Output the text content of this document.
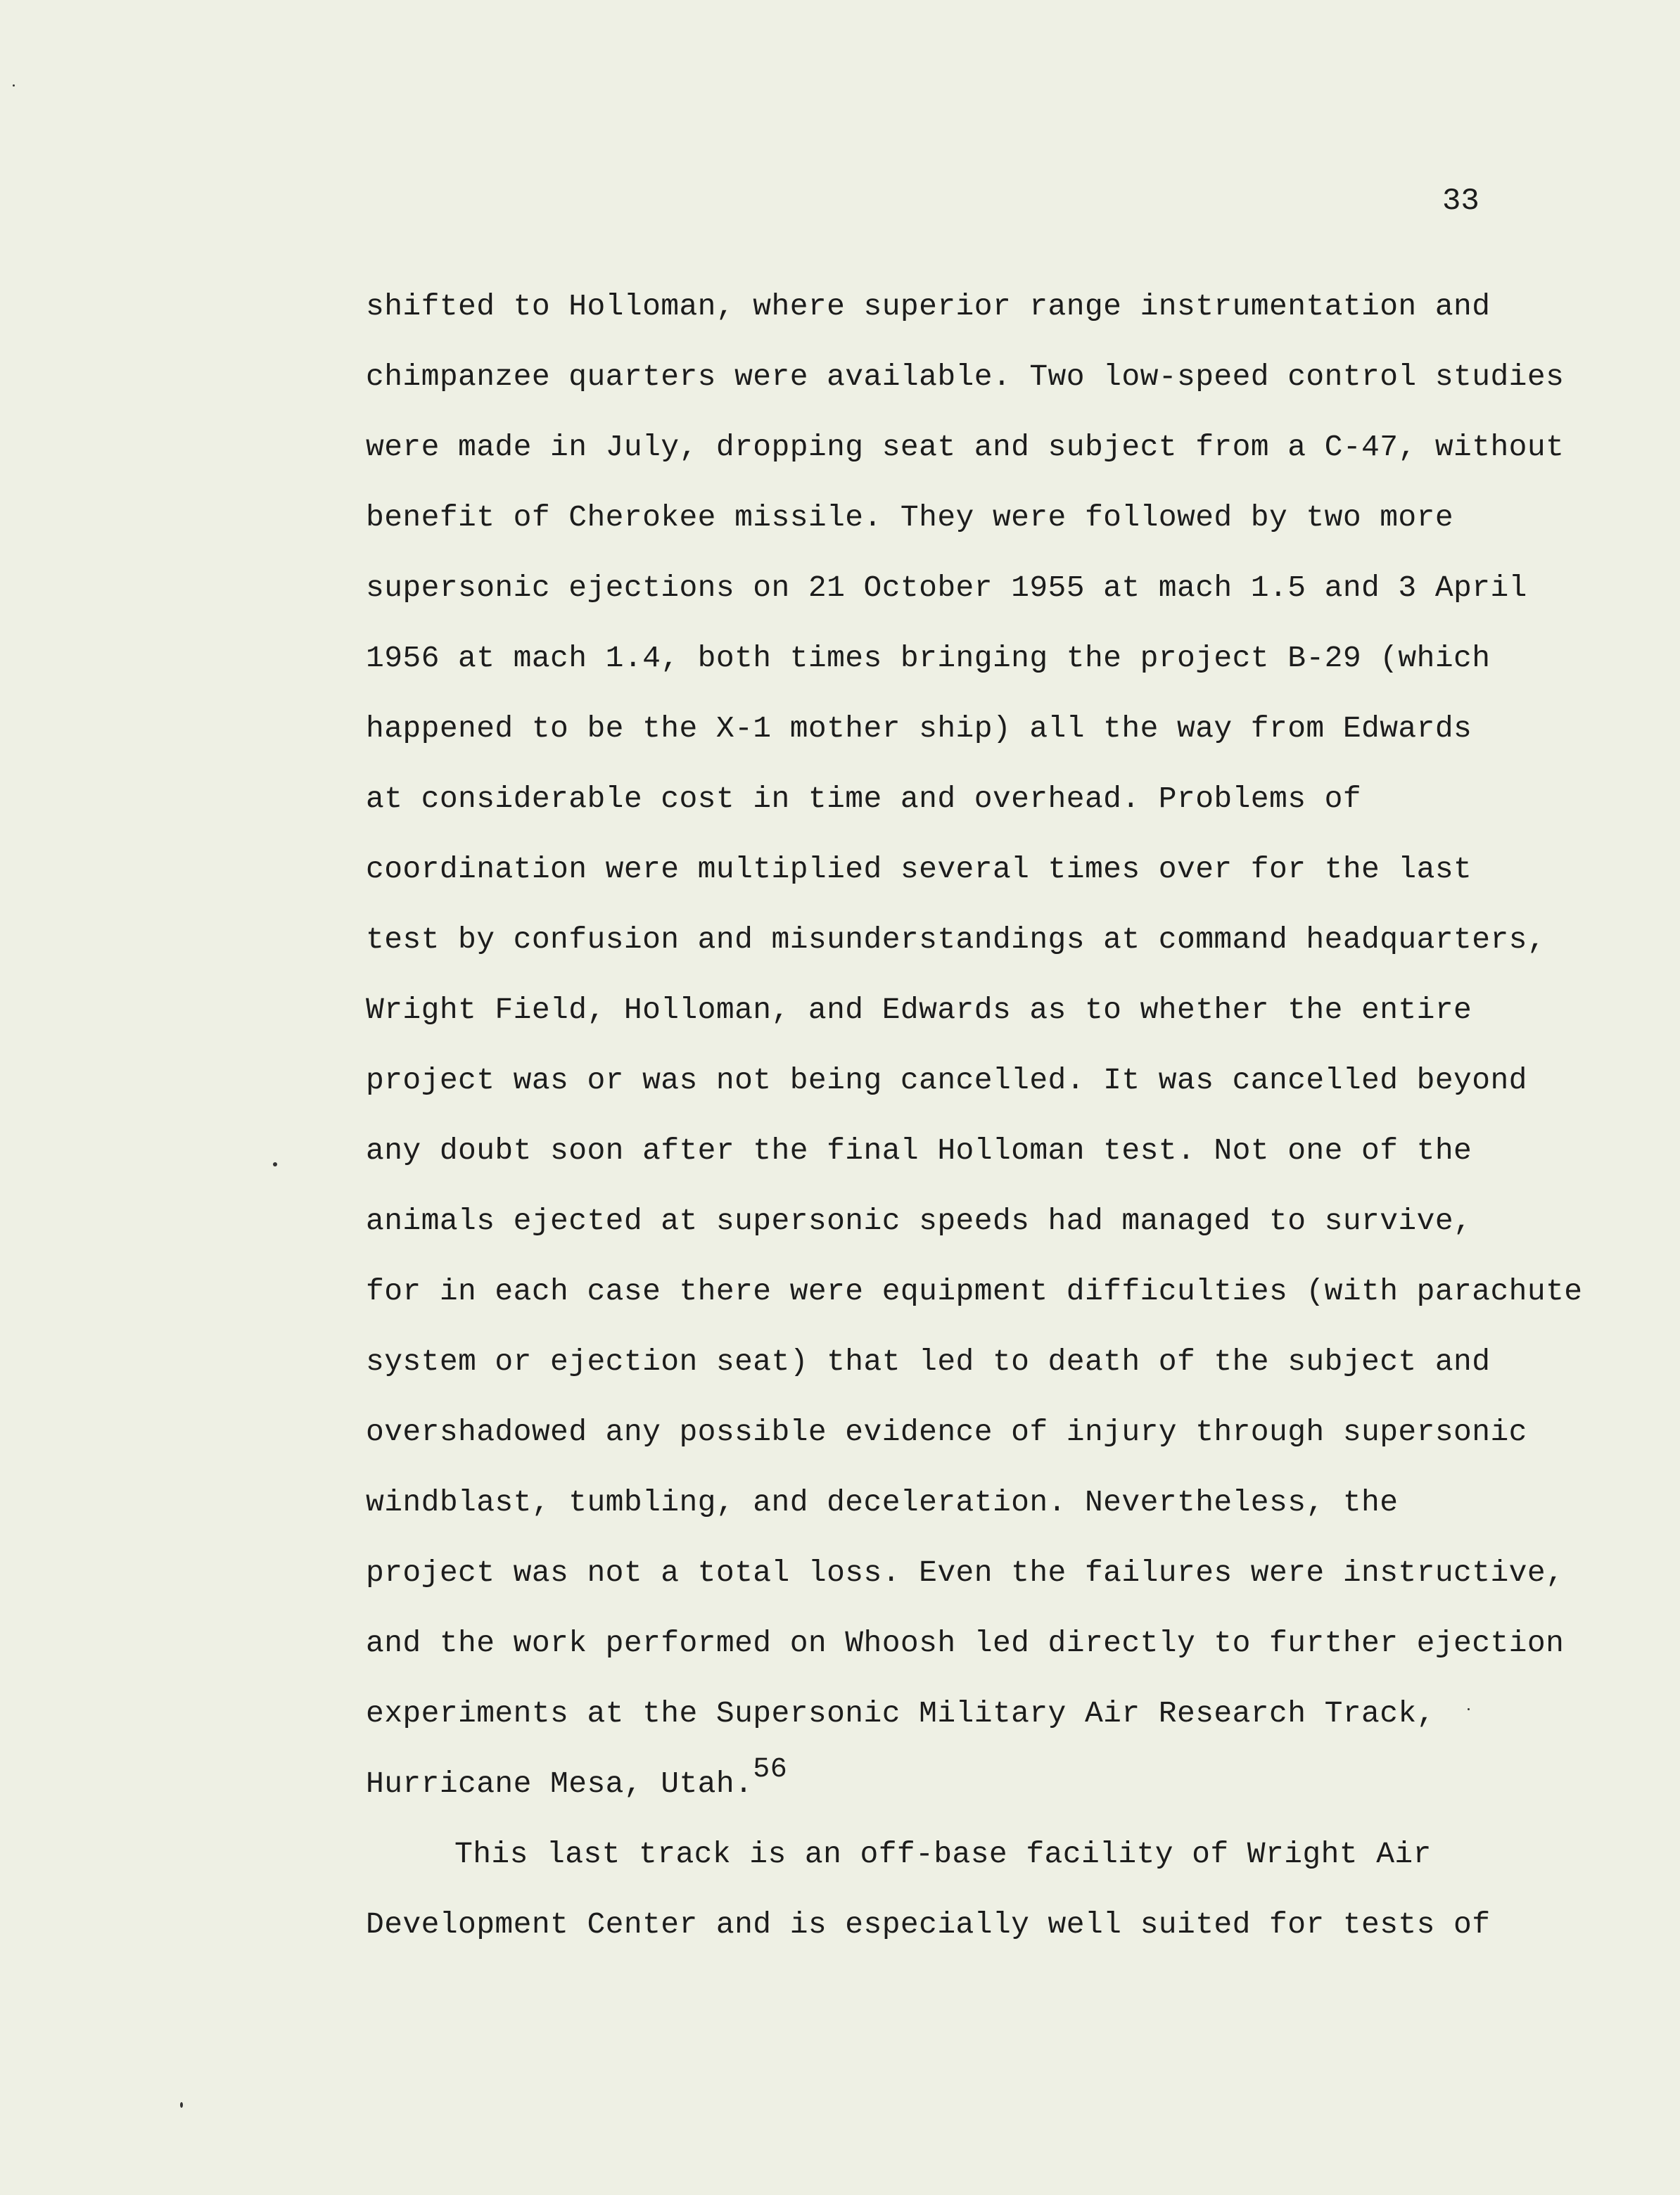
33
shifted to Holloman, where superior range instrumentation and
chimpanzee quarters were available. Two low-speed control studies
were made in July, dropping seat and subject from a C-47, without
benefit of Cherokee missile. They were followed by two more
supersonic ejections on 21 October 1955 at mach 1.5 and 3 April
1956 at mach 1.4, both times bringing the project B-29 (which
happened to be the X-1 mother ship) all the way from Edwards
at considerable cost in time and overhead. Problems of
coordination were multiplied several times over for the last
test by confusion and misunderstandings at command headquarters,
Wright Field, Holloman, and Edwards as to whether the entire
project was or was not being cancelled. It was cancelled beyond
any doubt soon after the final Holloman test. Not one of the
animals ejected at supersonic speeds had managed to survive,
for in each case there were equipment difficulties (with parachute
system or ejection seat) that led to death of the subject and
overshadowed any possible evidence of injury through supersonic
windblast, tumbling, and deceleration. Nevertheless, the
project was not a total loss. Even the failures were instructive,
and the work performed on Whoosh led directly to further ejection
experiments at the Supersonic Military Air Research Track,
Hurricane Mesa, Utah.$^{56}$
This last track is an off-base facility of Wright Air
Development Center and is especially well suited for tests of
